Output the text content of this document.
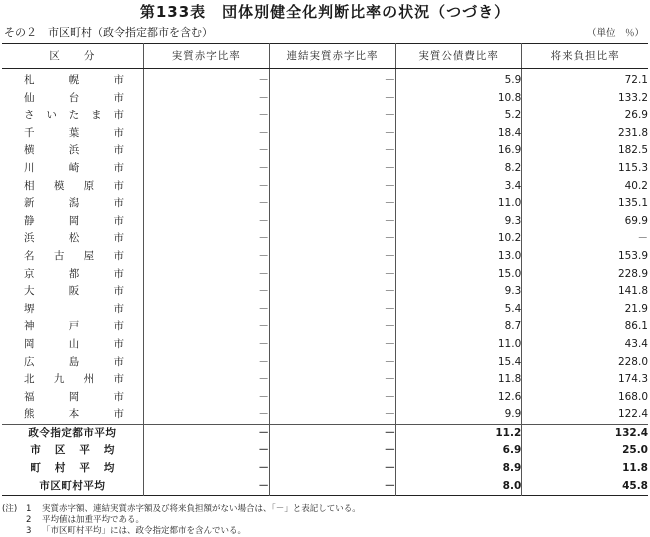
第133表　団体別健全化判断比率の状況（つづき）
その２　市区町村（政令指定都市を含む）	（単位　％）
区　　分	実質赤字比率	連結実質赤字比率	実質公債費比率	将来負担比率

札幌市	－	－	5.9	72.1

仙台市	－	－	10.8	133.2

さいたま市	－	－	5.2	26.9

千葉市	－	－	18.4	231.8

横浜市	－	－	16.9	182.5

川崎市	－	－	8.2	115.3

相模原市	－	－	3.4	40.2

新潟市	－	－	11.0	135.1

静岡市	－	－	9.3	69.9

浜松市	－	－	10.2	－

名古屋市	－	－	13.0	153.9

京都市	－	－	15.0	228.9

大阪市	－	－	9.3	141.8

堺市	－	－	5.4	21.9

神戸市	－	－	8.7	86.1

岡山市	－	－	11.0	43.4

広島市	－	－	15.4	228.0

北九州市	－	－	11.8	174.3

福岡市	－	－	12.6	168.0

熊本市	－	－	9.9	122.4

政令指定都市平均	－	－	11.2	132.4

市区平均	－	－	6.9	25.0

町村平均	－	－	8.9	11.8

市区町村平均	－	－	8.0	45.8
(注)	1	実質赤字額、連結実質赤字額及び将来負担額がない場合は、「－」と表記している。
2	平均値は加重平均である。
3	「市区町村平均」には、政令指定都市を含んでいる。
